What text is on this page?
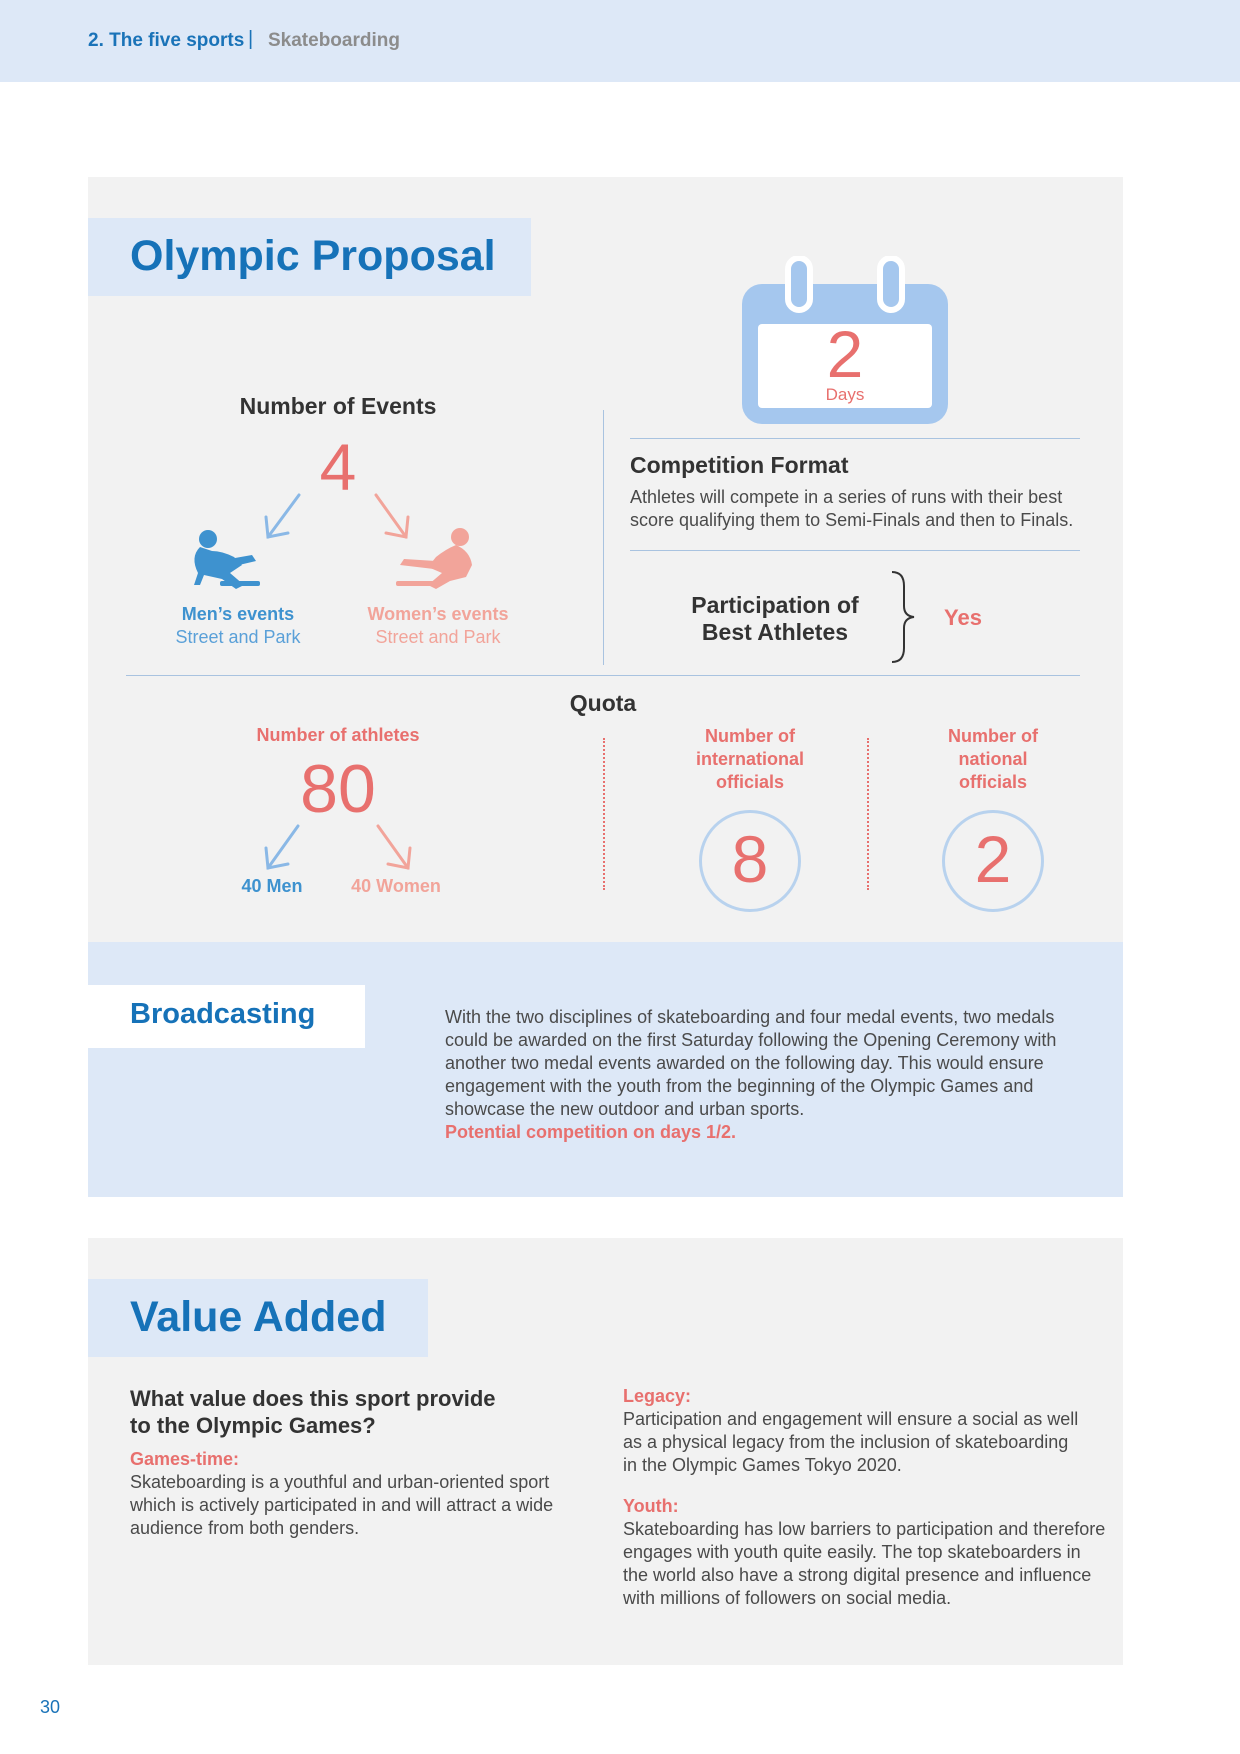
2. The five sports | Skateboarding
Olympic Proposal
Number of Events
4
Men’s events
Street and Park
Women’s events
Street and Park
2
Days
Competition Format
Athletes will compete in a series of runs with their best score qualifying them to Semi-Finals and then to Finals.
Participation of
Best Athletes
Yes
Quota
Number of athletes
80
40 Men	40 Women
Number of
international
officials
8
Number of
national
officials
2
Broadcasting	With the two disciplines of skateboarding and four medal events, two medals
could be awarded on the first Saturday following the Opening Ceremony with
another two medal events awarded on the following day. This would ensure
engagement with the youth from the beginning of the Olympic Games and
showcase the new outdoor and urban sports.
Potential competition on days 1/2.
Value Added
What value does this sport provide
to the Olympic Games?
Games-time:
Skateboarding is a youthful and urban-oriented sport
which is actively participated in and will attract a wide
audience from both genders.
Legacy:
Participation and engagement will ensure a social as well
as a physical legacy from the inclusion of skateboarding
in the Olympic Games Tokyo 2020.
Youth:
Skateboarding has low barriers to participation and therefore
engages with youth quite easily. The top skateboarders in
the world also have a strong digital presence and influence
with millions of followers on social media.
30
